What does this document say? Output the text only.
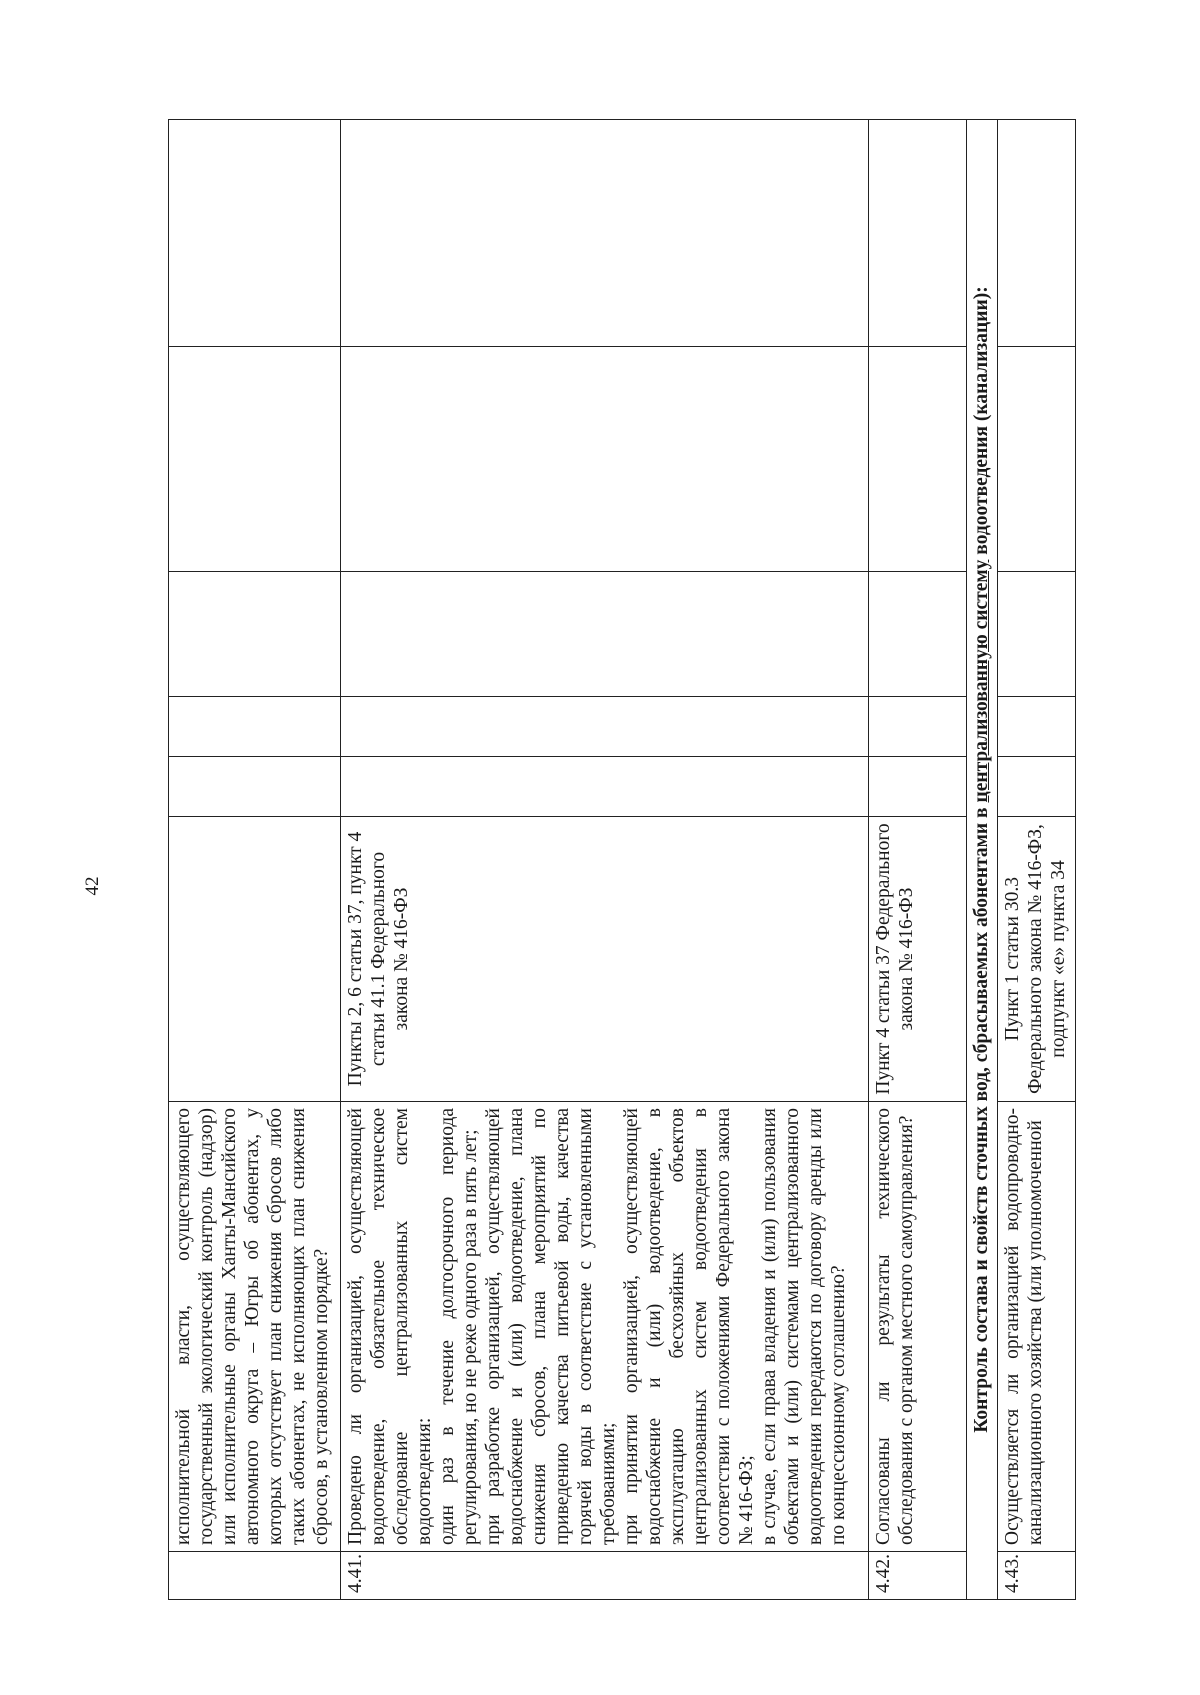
42

	исполнительной власти, осуществляющего государственный экологический контроль (надзор) или исполнительные органы Ханты-Мансийского автономного округа – Югры об абонентах, у которых отсутствует план снижения сбросов либо таких абонентах, не исполняющих план снижения сбросов, в установленном порядке?						

4.41.	Проведено ли организацией, осуществляющей водоотведение, обязательное техническое обследование централизованных систем водоотведения: один раз в течение долгосрочного периода регулирования, но не реже одного раза в пять лет; при разработке организацией, осуществляющей водоснабжение и (или) водоотведение, плана снижения сбросов, плана мероприятий по приведению качества питьевой воды, качества горячей воды в соответствие с установленными требованиями; при принятии организацией, осуществляющей водоснабжение и (или) водоотведение, в эксплуатацию бесхозяйных объектов централизованных систем водоотведения в соответствии с положениями Федерального закона № 416-ФЗ; в случае, если права владения и (или) пользования объектами и (или) системами централизованного водоотведения передаются по договору аренды или по концессионному соглашению?	Пункты 2, 6 статьи 37, пункт 4 статьи 41.1 Федерального закона № 416-ФЗ					
4.42.	Согласованы ли результаты технического обследования с органом местного самоуправления?	Пункт 4 статьи 37 Федерального закона № 416-ФЗ					
Контроль состава и свойств сточных вод, сбрасываемых абонентами в централизованную систему водоотведения (канализации):							
4.43.	Осуществляется ли организацией водопроводно-канализационного хозяйства (или уполномоченной	Пункт 1 статьи 30.3 Федерального закона № 416-ФЗ, подпункт «е» пункта 34					
